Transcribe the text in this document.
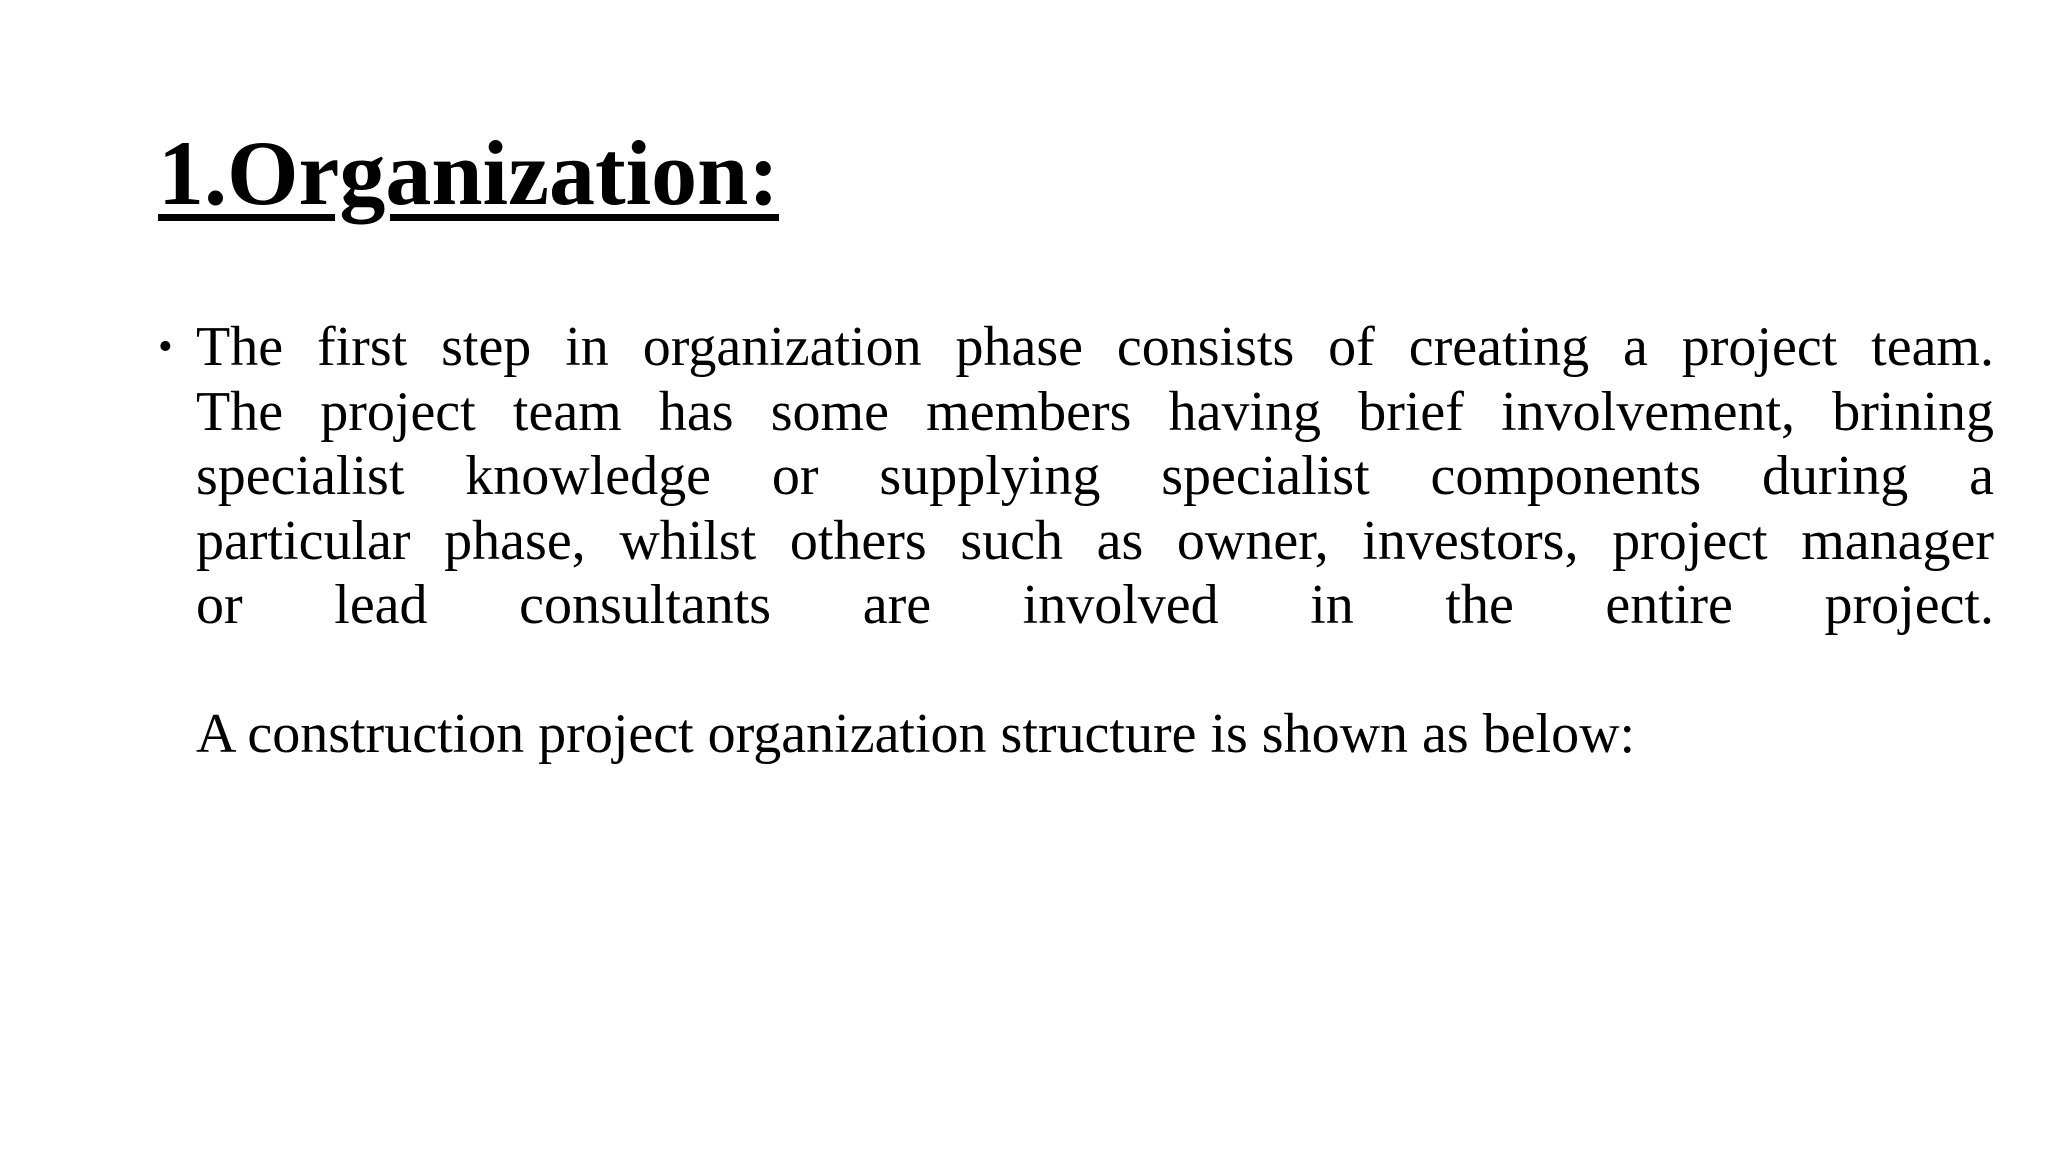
1.Organization:
• The first step in organization phase consists of creating a project team.
The project team has some members having brief involvement, brining
specialist knowledge or supplying specialist components during a
particular phase, whilst others such as owner, investors, project manager
or lead consultants are involved in the entire project.
A construction project organization structure is shown as below:
